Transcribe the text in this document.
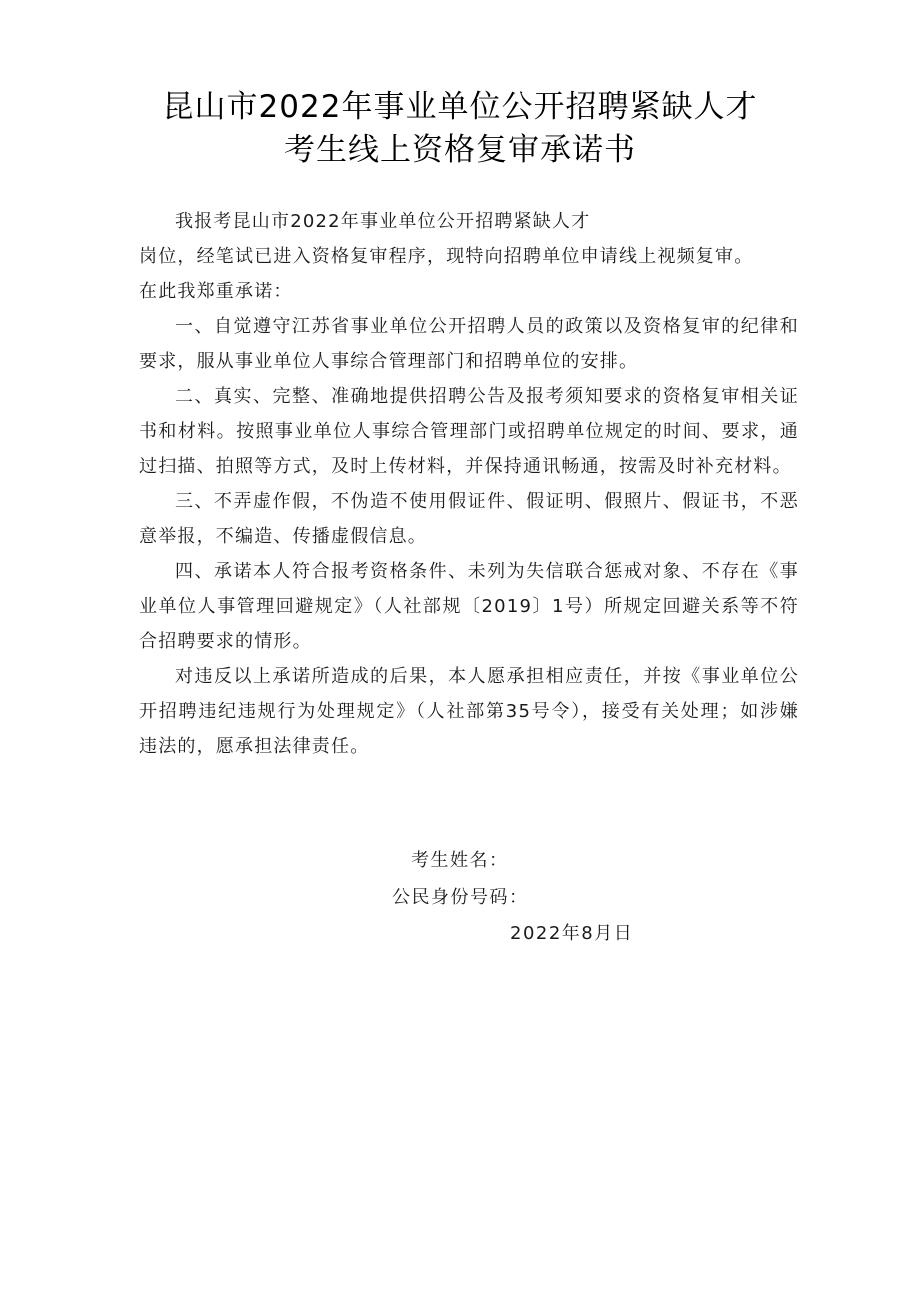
昆山市2022年事业单位公开招聘紧缺人才
考生线上资格复审承诺书

我报考昆山市2022年事业单位公开招聘紧缺人才

岗位，经笔试已进入资格复审程序，现特向招聘单位申请线上视频复审。

在此我郑重承诺：

一、自觉遵守江苏省事业单位公开招聘人员的政策以及资格复审的纪律和要求，服从事业单位人事综合管理部门和招聘单位的安排。

二、真实、完整、准确地提供招聘公告及报考须知要求的资格复审相关证书和材料。按照事业单位人事综合管理部门或招聘单位规定的时间、要求，通过扫描、拍照等方式，及时上传材料，并保持通讯畅通，按需及时补充材料。

三、不弄虚作假，不伪造不使用假证件、假证明、假照片、假证书，不恶意举报，不编造、传播虚假信息。

四、承诺本人符合报考资格条件、未列为失信联合惩戒对象、不存在《事业单位人事管理回避规定》（人社部规〔2019〕1号）所规定回避关系等不符合招聘要求的情形。

对违反以上承诺所造成的后果，本人愿承担相应责任，并按《事业单位公开招聘违纪违规行为处理规定》（人社部第35号令），接受有关处理；如涉嫌违法的，愿承担法律责任。

考生姓名：
公民身份号码：
2022年8月日
